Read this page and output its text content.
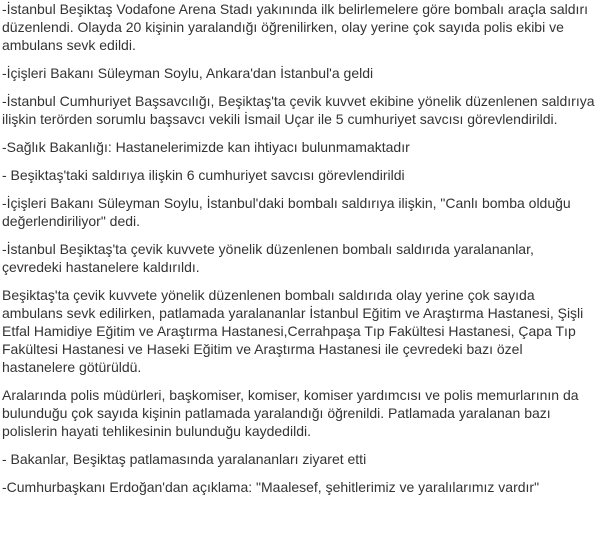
-İstanbul Beşiktaş Vodafone Arena Stadı yakınında ilk belirlemelere göre bombalı araçla saldırı düzenlendi. Olayda 20 kişinin yaralandığı öğrenilirken, olay yerine çok sayıda polis ekibi ve ambulans sevk edildi.

-İçişleri Bakanı Süleyman Soylu, Ankara'dan İstanbul'a geldi

-İstanbul Cumhuriyet Başsavcılığı, Beşiktaş'ta çevik kuvvet ekibine yönelik düzenlenen saldırıya ilişkin terörden sorumlu başsavcı vekili İsmail Uçar ile 5 cumhuriyet savcısı görevlendirildi.

-Sağlık Bakanlığı: Hastanelerimizde kan ihtiyacı bulunmamaktadır

- Beşiktaş'taki saldırıya ilişkin 6 cumhuriyet savcısı görevlendirildi

-İçişleri Bakanı Süleyman Soylu, İstanbul'daki bombalı saldırıya ilişkin, "Canlı bomba olduğu değerlendiriliyor" dedi.

-İstanbul Beşiktaş'ta çevik kuvvete yönelik düzenlenen bombalı saldırıda yaralananlar, çevredeki hastanelere kaldırıldı.

Beşiktaş'ta çevik kuvvete yönelik düzenlenen bombalı saldırıda olay yerine çok sayıda ambulans sevk edilirken, patlamada yaralananlar İstanbul Eğitim ve Araştırma Hastanesi, Şişli Etfal Hamidiye Eğitim ve Araştırma Hastanesi,Cerrahpaşa Tıp Fakültesi Hastanesi, Çapa Tıp Fakültesi Hastanesi ve Haseki Eğitim ve Araştırma Hastanesi ile çevredeki bazı özel hastanelere götürüldü.

Aralarında polis müdürleri, başkomiser, komiser, komiser yardımcısı ve polis memurlarının da bulunduğu çok sayıda kişinin patlamada yaralandığı öğrenildi. Patlamada yaralanan bazı polislerin hayati tehlikesinin bulunduğu kaydedildi.

- Bakanlar, Beşiktaş patlamasında yaralananları ziyaret etti

-Cumhurbaşkanı Erdoğan'dan açıklama: "Maalesef, şehitlerimiz ve yaralılarımız vardır"
